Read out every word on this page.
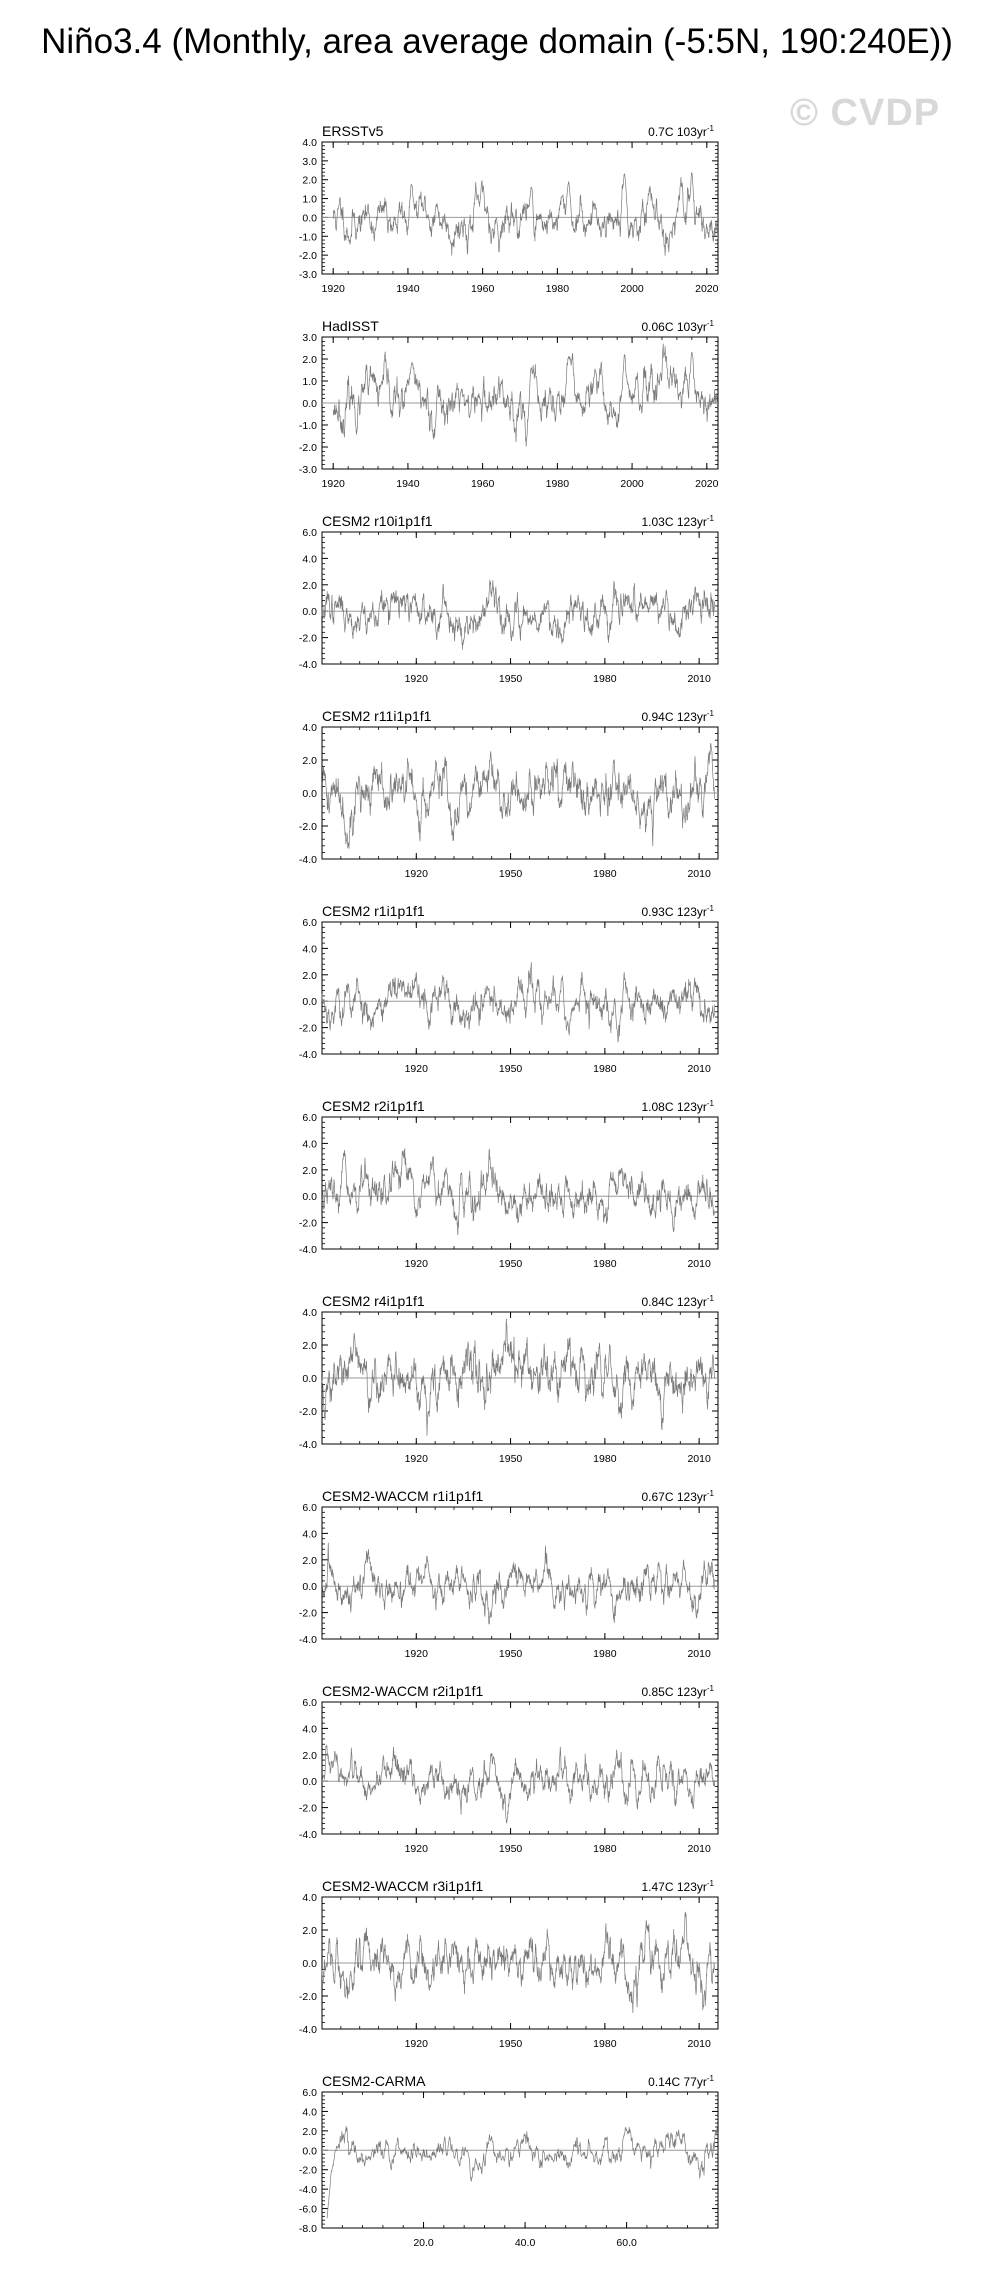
Niño3.4 (Monthly, area average domain (-5:5N, 190:240E))
© CVDP
ERSSTv5	0.7C $103yr^{-1}$
-3.0
-2.0
-1.0
0.0
1.0
2.0
3.0
4.0
1920	1940	1960	1980	2000	2020
HadISST	0.06C $103yr^{-1}$
-3.0
-2.0
-1.0
0.0
1.0
2.0
3.0
1920	1940	1960	1980	2000	2020
CESM2 r10i1p1f1	1.03C $123yr^{-1}$
-4.0
-2.0
0.0
2.0
4.0
6.0
1920	1950	1980	2010
CESM2 r11i1p1f1	0.94C $123yr^{-1}$
-4.0
-2.0
0.0
2.0
4.0
1920	1950	1980	2010
CESM2 r1i1p1f1	0.93C $123yr^{-1}$
-4.0
-2.0
0.0
2.0
4.0
6.0
1920	1950	1980	2010
CESM2 r2i1p1f1	1.08C $123yr^{-1}$
-4.0
-2.0
0.0
2.0
4.0
6.0
1920	1950	1980	2010
CESM2 r4i1p1f1	0.84C $123yr^{-1}$
-4.0
-2.0
0.0
2.0
4.0
1920	1950	1980	2010
CESM2-WACCM r1i1p1f1	0.67C $123yr^{-1}$
-4.0
-2.0
0.0
2.0
4.0
6.0
1920	1950	1980	2010
CESM2-WACCM r2i1p1f1	0.85C $123yr^{-1}$
-4.0
-2.0
0.0
2.0
4.0
6.0
1920	1950	1980	2010
CESM2-WACCM r3i1p1f1	1.47C $123yr^{-1}$
-4.0
-2.0
0.0
2.0
4.0
1920	1950	1980	2010
CESM2-CARMA	0.14C $77yr^{-1}$
-8.0
-6.0
-4.0
-2.0
0.0
2.0
4.0
6.0
20.0	40.0	60.0
